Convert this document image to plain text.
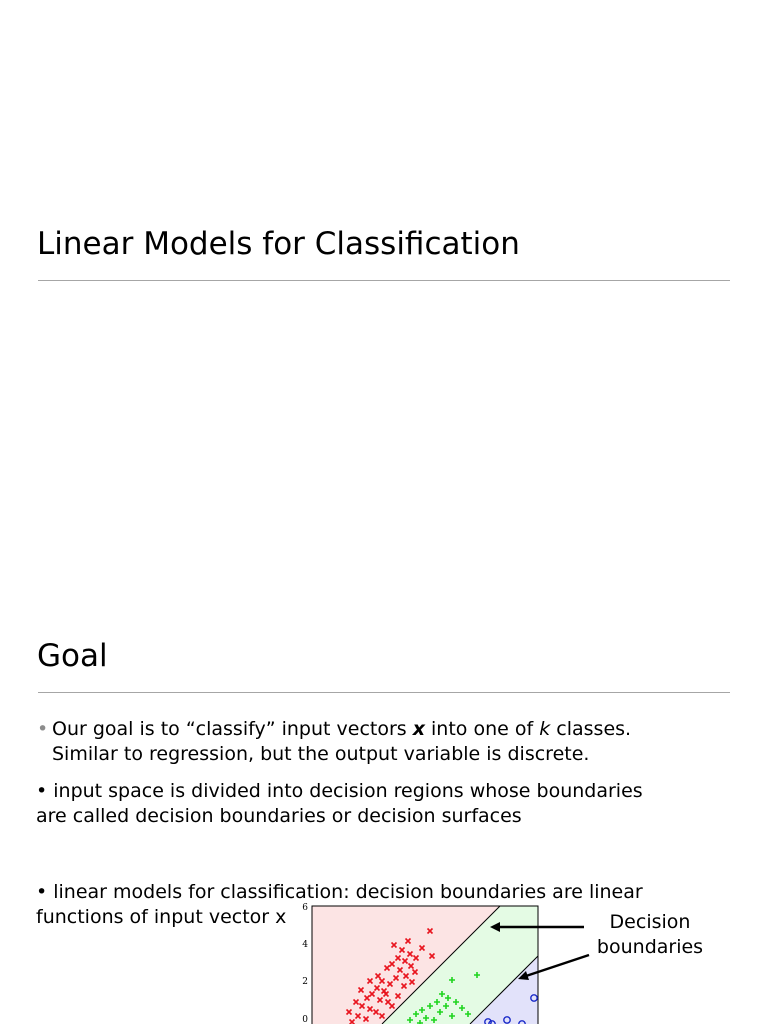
Linear Models for Classification
Goal
• Our goal is to “classify” input vectors x into one of k classes.
Similar to regression, but the output variable is discrete.
• input space is divided into decision regions whose boundaries are called decision boundaries or decision surfaces
• linear models for classification: decision boundaries are linear functions of input vector x	6
4
2
0
Decision boundaries
